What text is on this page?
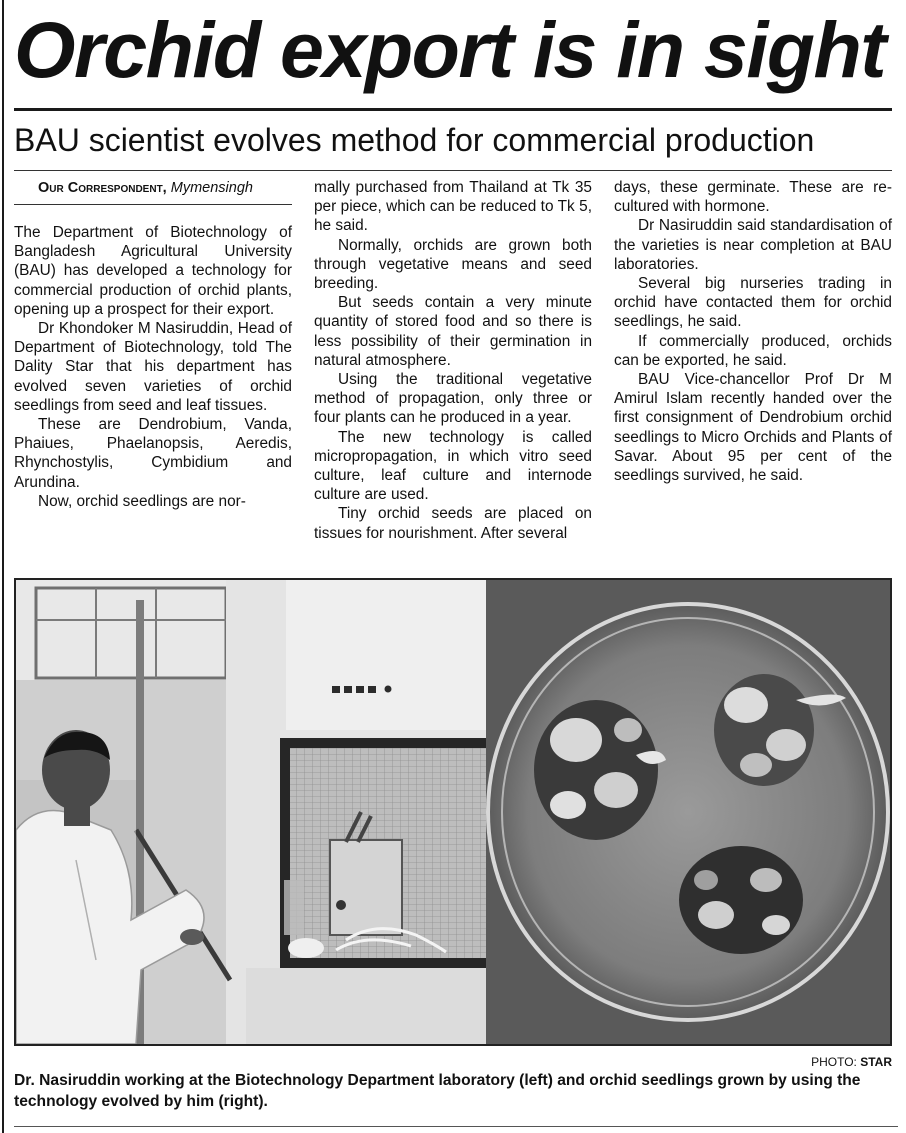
Orchid export is in sight
BAU scientist evolves method for commercial production

Our Correspondent, Mymensingh

The Department of Biotechnology of Bangladesh Agricultural University (BAU) has developed a technology for commercial production of orchid plants, opening up a prospect for their export.

Dr Khondoker M Nasiruddin, Head of Department of Biotechnology, told The Dality Star that his department has evolved seven varieties of orchid seedlings from seed and leaf tissues.

These are Dendrobium, Vanda, Phaiues, Phaelanopsis, Aeredis, Rhynchostylis, Cymbidium and Arundina.

Now, orchid seedlings are nor-

mally purchased from Thailand at Tk 35 per piece, which can be reduced to Tk 5, he said.

Normally, orchids are grown both through vegetative means and seed breeding.

But seeds contain a very minute quantity of stored food and so there is less possibility of their germination in natural atmosphere.

Using the traditional vegetative method of propagation, only three or four plants can he produced in a year.

The new technology is called micropropagation, in which vitro seed culture, leaf culture and internode culture are used.

Tiny orchid seeds are placed on tissues for nourishment. After several

days, these germinate. These are re-cultured with hormone.

Dr Nasiruddin said standardisation of the varieties is near completion at BAU laboratories.

Several big nurseries trading in orchid have contacted them for orchid seedlings, he said.

If commercially produced, orchids can be exported, he said.

BAU Vice-chancellor Prof Dr M Amirul Islam recently handed over the first consignment of Dendrobium orchid seedlings to Micro Orchids and Plants of Savar. About 95 per cent of the seedlings survived, he said.

PHOTO: STAR

Dr. Nasiruddin working at the Biotechnology Department laboratory (left) and orchid seedlings grown by using the technology evolved by him (right).
